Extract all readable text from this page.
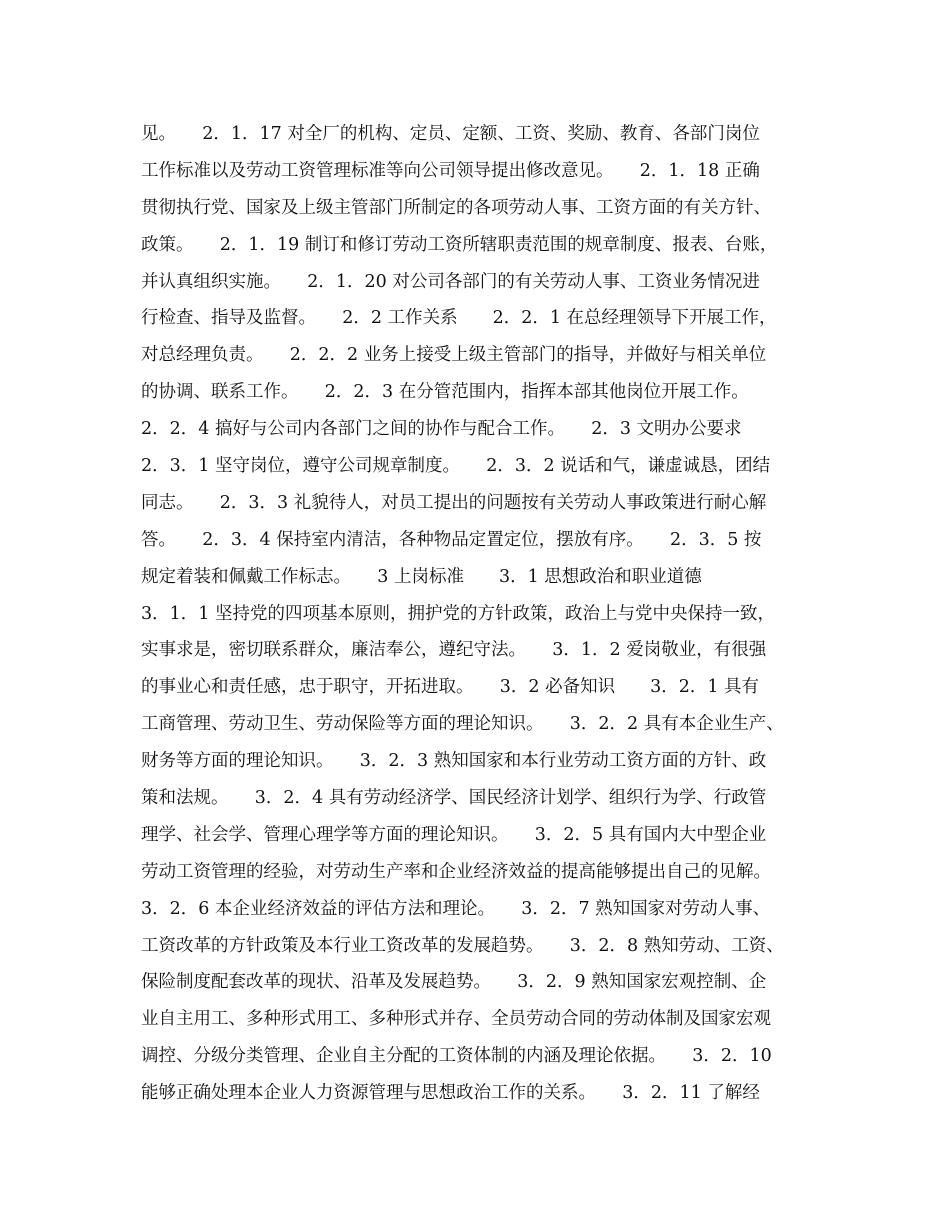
见。　　2．1．17 对全厂的机构、定员、定额、工资、奖励、教育、各部门岗位
工作标准以及劳动工资管理标准等向公司领导提出修改意见。　　2．1．18 正确
贯彻执行党、国家及上级主管部门所制定的各项劳动人事、工资方面的有关方针、
政策。　　2．1．19 制订和修订劳动工资所辖职责范围的规章制度、报表、台账，
并认真组织实施。　　2．1．20 对公司各部门的有关劳动人事、工资业务情况进
行检查、指导及监督。　　2．2 工作关系　　2．2．1 在总经理领导下开展工作，
对总经理负责。　　2．2．2 业务上接受上级主管部门的指导，并做好与相关单位
的协调、联系工作。　　2．2．3 在分管范围内，指挥本部其他岗位开展工作。
2．2．4 搞好与公司内各部门之间的协作与配合工作。　　2．3 文明办公要求
2．3．1 坚守岗位，遵守公司规章制度。　　2．3．2 说话和气，谦虚诚恳，团结
同志。　　2．3．3 礼貌待人，对员工提出的问题按有关劳动人事政策进行耐心解
答。　　2．3．4 保持室内清洁，各种物品定置定位，摆放有序。　　2．3．5 按
规定着装和佩戴工作标志。　　3 上岗标准　　3．1 思想政治和职业道德
3．1．1 坚持党的四项基本原则，拥护党的方针政策，政治上与党中央保持一致，
实事求是，密切联系群众，廉洁奉公，遵纪守法。　　3．1．2 爱岗敬业，有很强
的事业心和责任感，忠于职守，开拓进取。　　3．2 必备知识　　3．2．1 具有
工商管理、劳动卫生、劳动保险等方面的理论知识。　　3．2．2 具有本企业生产、
财务等方面的理论知识。　　3．2．3 熟知国家和本行业劳动工资方面的方针、政
策和法规。　　3．2．4 具有劳动经济学、国民经济计划学、组织行为学、行政管
理学、社会学、管理心理学等方面的理论知识。　　3．2．5 具有国内大中型企业
劳动工资管理的经验，对劳动生产率和企业经济效益的提高能够提出自己的见解。
3．2．6 本企业经济效益的评估方法和理论。　　3．2．7 熟知国家对劳动人事、
工资改革的方针政策及本行业工资改革的发展趋势。　　3．2．8 熟知劳动、工资、
保险制度配套改革的现状、沿革及发展趋势。　　3．2．9 熟知国家宏观控制、企
业自主用工、多种形式用工、多种形式并存、全员劳动合同的劳动体制及国家宏观
调控、分级分类管理、企业自主分配的工资体制的内涵及理论依据。　　3．2．10
能够正确处理本企业人力资源管理与思想政治工作的关系。　　3．2．11 了解经
